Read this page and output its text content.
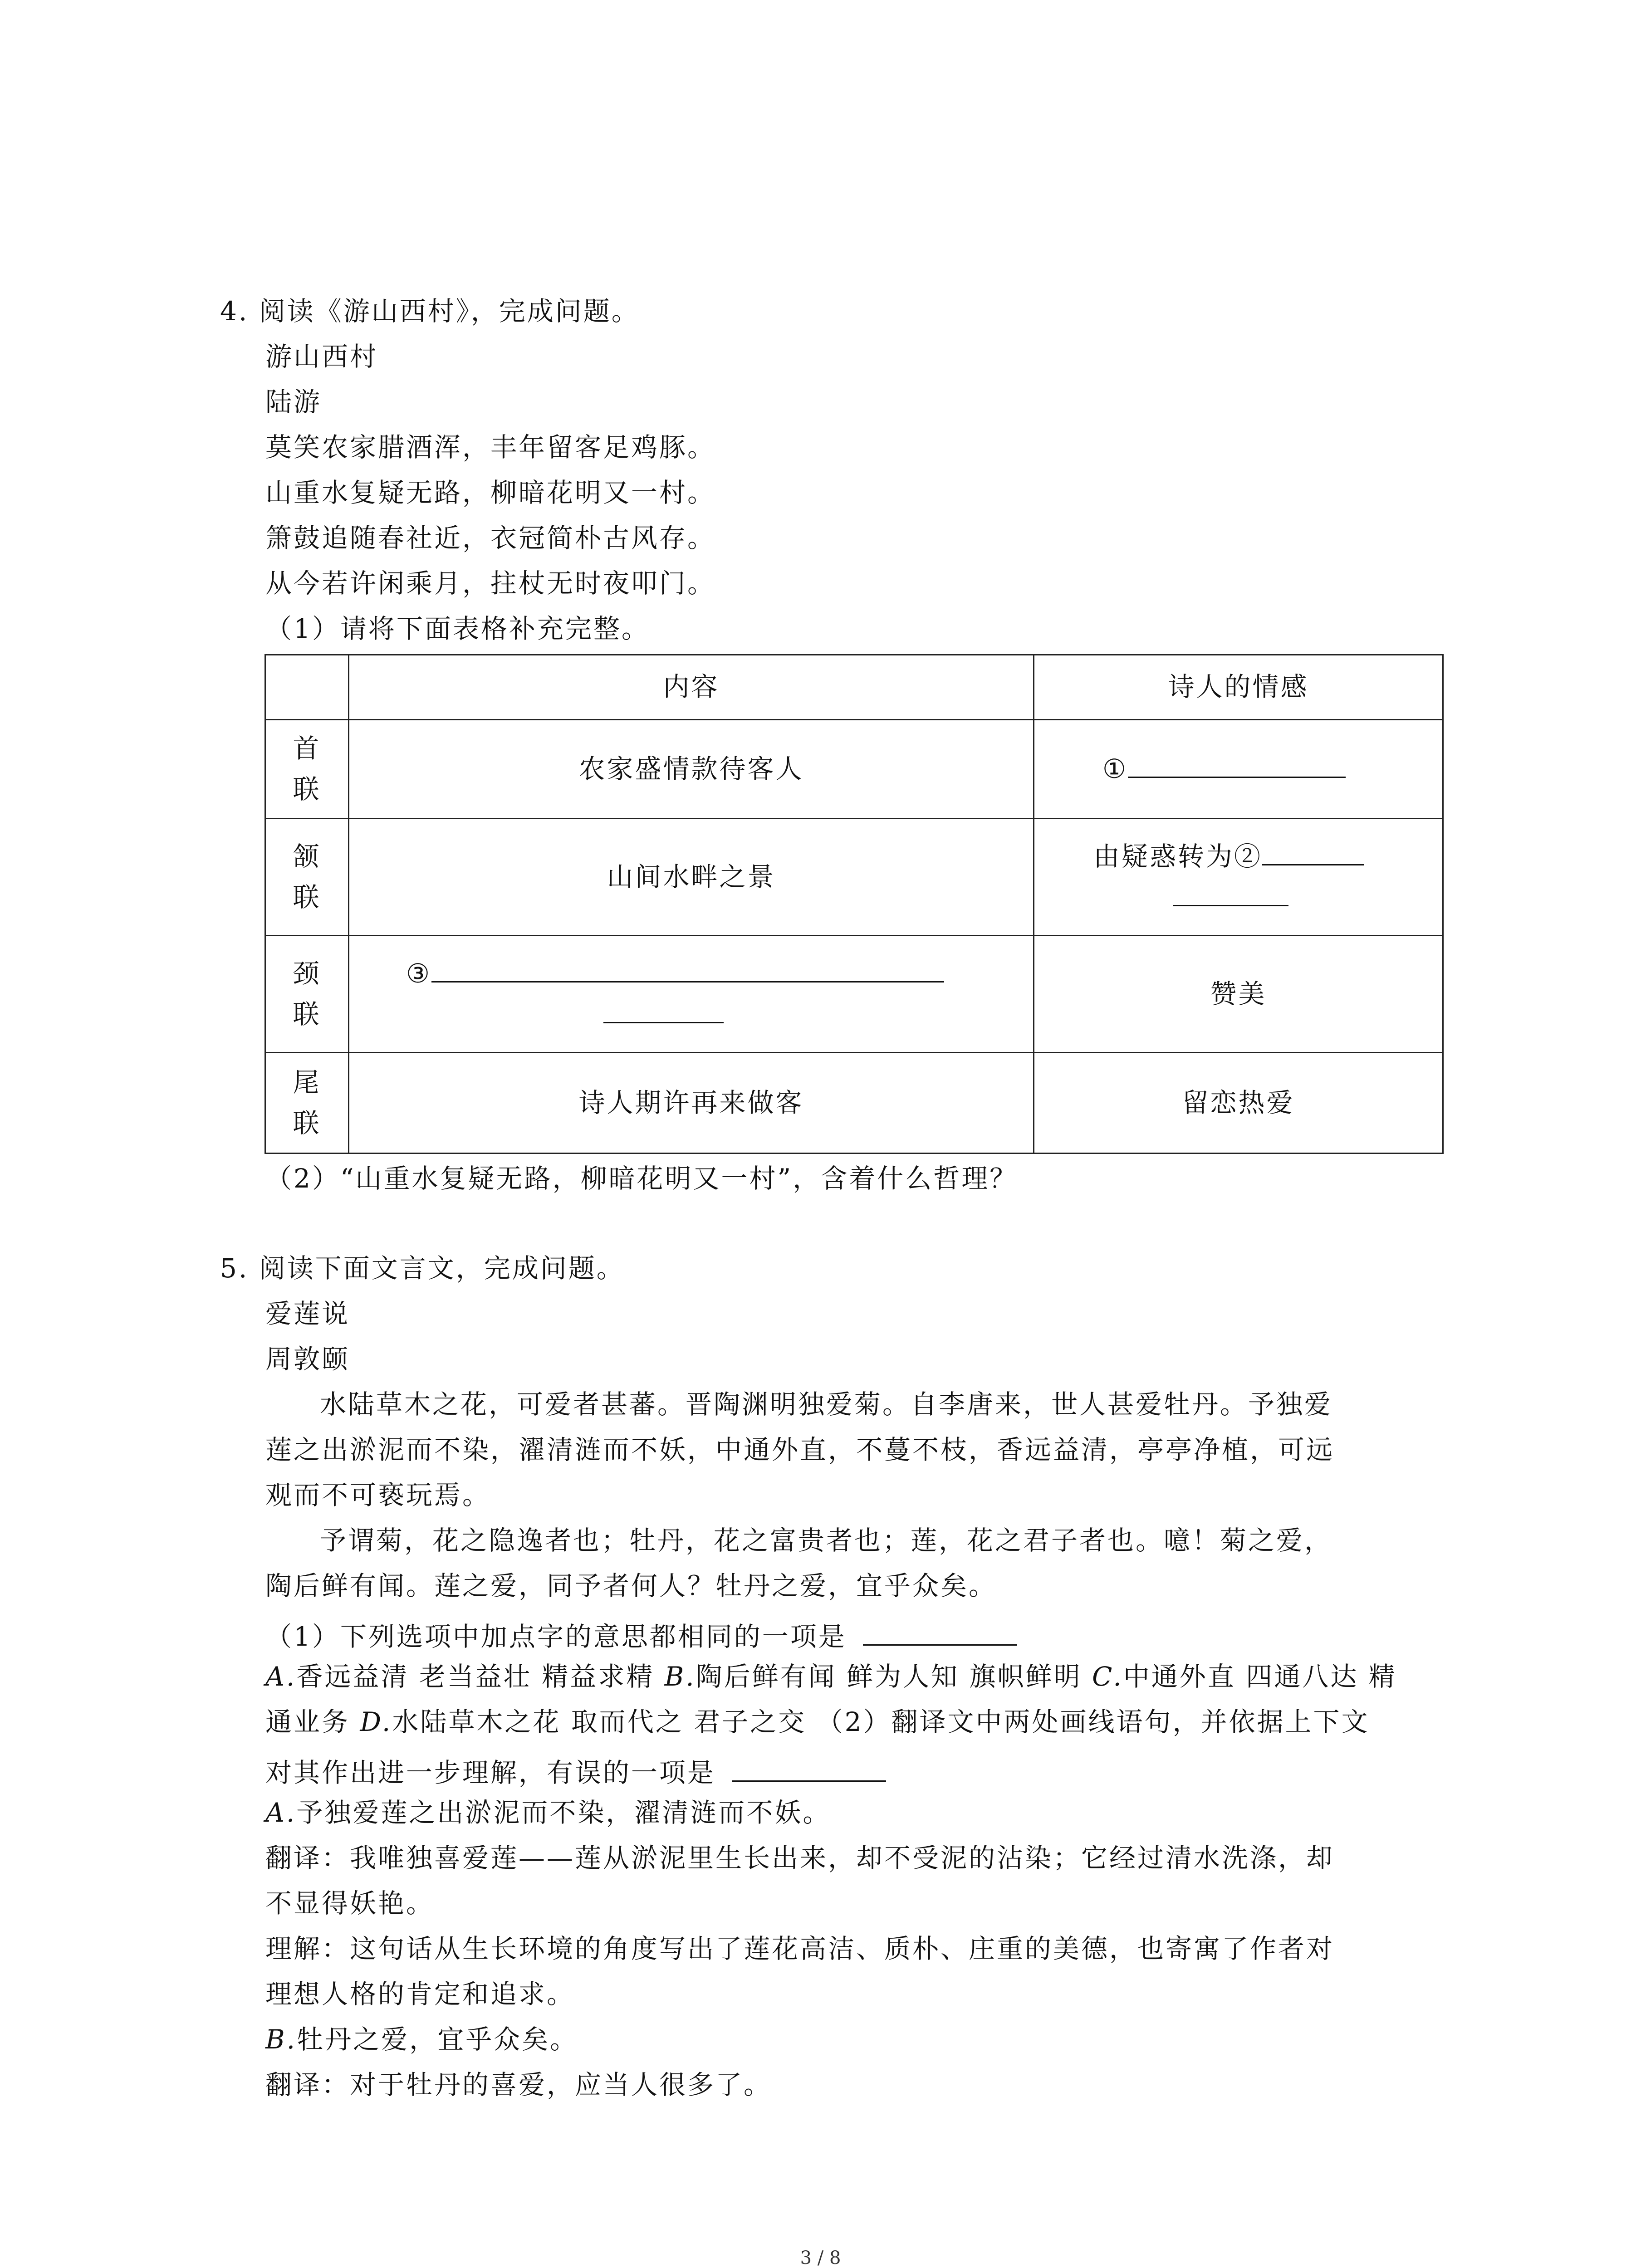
4. 阅读《游山西村》，完成问题。
游山西村
陆游
莫笑农家腊酒浑，丰年留客足鸡豚。
山重水复疑无路，柳暗花明又一村。
箫鼓追随春社近，衣冠简朴古风存。
从今若许闲乘月，拄杖无时夜叩门。
（1）请将下面表格补充完整。
	内容	诗人的情感
首
联	农家盛情款待客人	①
颔
联	山间水畔之景	由疑惑转为②

颈
联	③	赞美
尾
联	诗人期许再来做客	留恋热爱
（2）“山重水复疑无路，柳暗花明又一村”，含着什么哲理？
5. 阅读下面文言文，完成问题。
爱莲说
周敦颐
水陆草木之花，可爱者甚蕃。晋陶渊明独爱菊。自李唐来，世人甚爱牡丹。予独爱
莲之出淤泥而不染，濯清涟而不妖，中通外直，不蔓不枝，香远益清，亭亭净植，可远
观而不可亵玩焉。
予谓菊，花之隐逸者也；牡丹，花之富贵者也；莲，花之君子者也。噫！菊之爱，
陶后鲜有闻。莲之爱，同予者何人？牡丹之爱，宜乎众矣。
（1）下列选项中加点字的意思都相同的一项是
A.香远益清 老当益壮 精益求精 B.陶后鲜有闻 鲜为人知 旗帜鲜明 C.中通外直 四通八达 精
通业务 D.水陆草木之花 取而代之 君子之交 （2）翻译文中两处画线语句，并依据上下文
对其作出进一步理解，有误的一项是
A.予独爱莲之出淤泥而不染，濯清涟而不妖。
翻译：我唯独喜爱莲——莲从淤泥里生长出来，却不受泥的沾染；它经过清水洗涤，却
不显得妖艳。
理解：这句话从生长环境的角度写出了莲花高洁、质朴、庄重的美德，也寄寓了作者对
理想人格的肯定和追求。
B.牡丹之爱，宜乎众矣。
翻译：对于牡丹的喜爱，应当人很多了。
3 / 8
